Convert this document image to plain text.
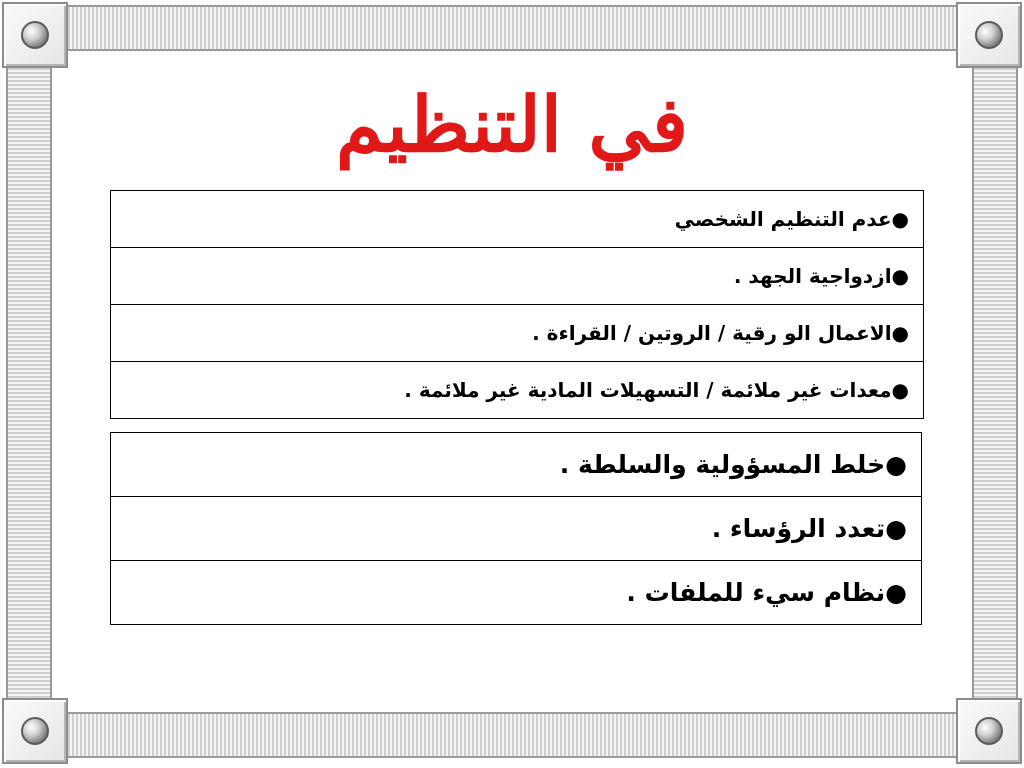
في التنظيم
●عدم التنظيم الشخصي
●ازدواجية الجهد .
●الاعمال الو رقية / الروتين / القراءة .
●معدات غير ملائمة / التسهيلات المادية غير ملائمة .
●خلط المسؤولية والسلطة .
●تعدد الرؤساء .
●نظام سيء للملفات .
